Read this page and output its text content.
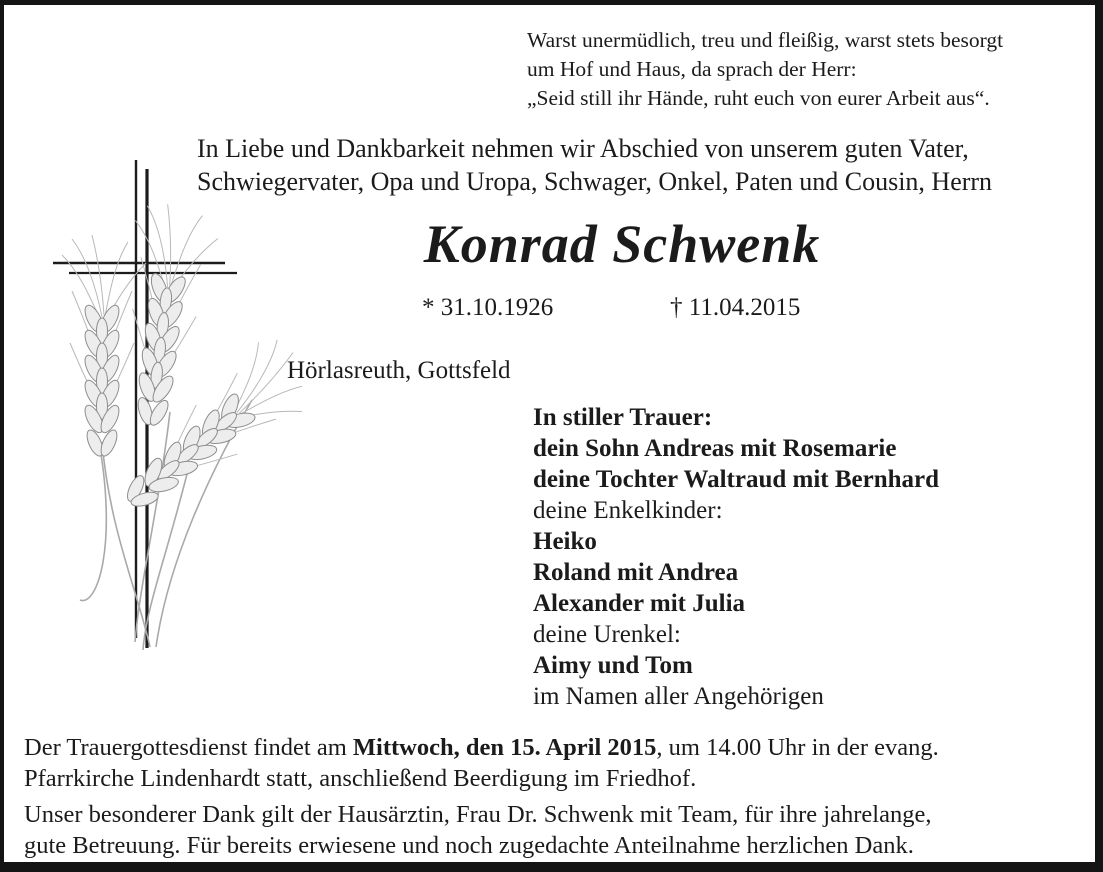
Warst unermüdlich, treu und fleißig, warst stets besorgt
um Hof und Haus, da sprach der Herr:
„Seid still ihr Hände, ruht euch von eurer Arbeit aus“.
In Liebe und Dankbarkeit nehmen wir Abschied von unserem guten Vater,
Schwiegervater, Opa und Uropa, Schwager, Onkel, Paten und Cousin, Herrn
Konrad Schwenk
* 31.10.1926	† 11.04.2015
Hörlasreuth, Gottsfeld
In stiller Trauer:
dein Sohn Andreas mit Rosemarie
deine Tochter Waltraud mit Bernhard
deine Enkelkinder:
Heiko
Roland mit Andrea
Alexander mit Julia
deine Urenkel:
Aimy und Tom
im Namen aller Angehörigen
Der Trauergottesdienst findet am Mittwoch, den 15. April 2015, um 14.00 Uhr in der evang.
Pfarrkirche Lindenhardt statt, anschließend Beerdigung im Friedhof.
Unser besonderer Dank gilt der Hausärztin, Frau Dr. Schwenk mit Team, für ihre jahrelange,
gute Betreuung. Für bereits erwiesene und noch zugedachte Anteilnahme herzlichen Dank.
